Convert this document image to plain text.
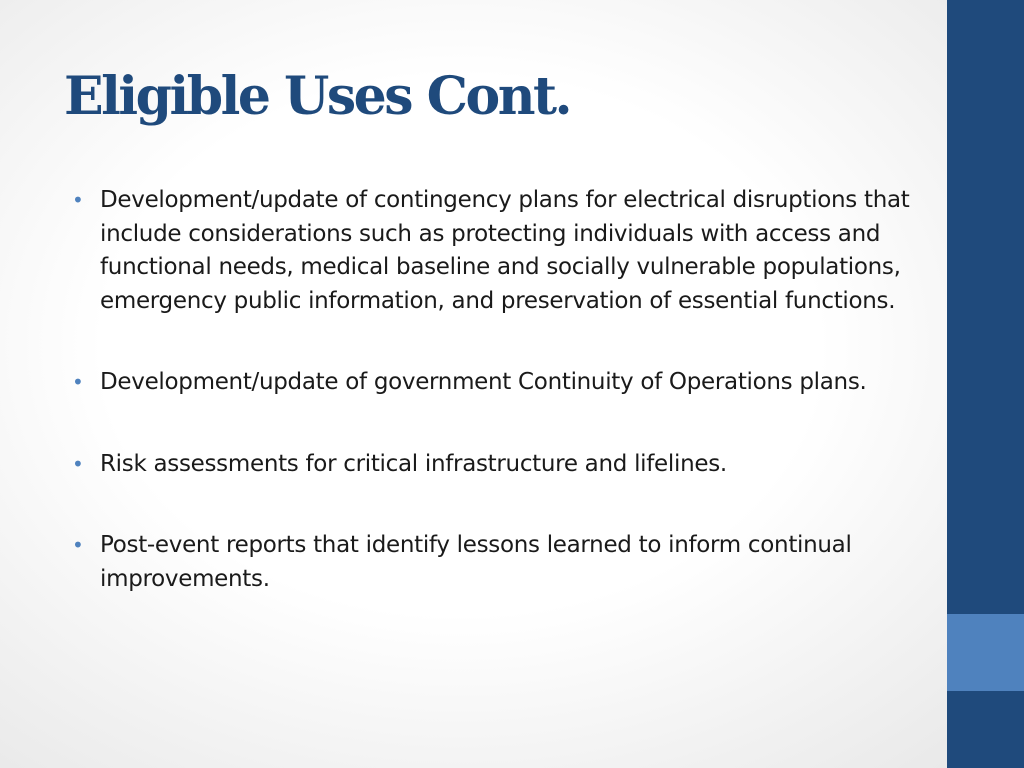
Eligible Uses Cont.
• Development/update of contingency plans for electrical disruptions that include considerations such as protecting individuals with access and functional needs, medical baseline and socially vulnerable populations, emergency public information, and preservation of essential functions.
• Development/update of government Continuity of Operations plans.
• Risk assessments for critical infrastructure and lifelines.
• Post-event reports that identify lessons learned to inform continual improvements.
